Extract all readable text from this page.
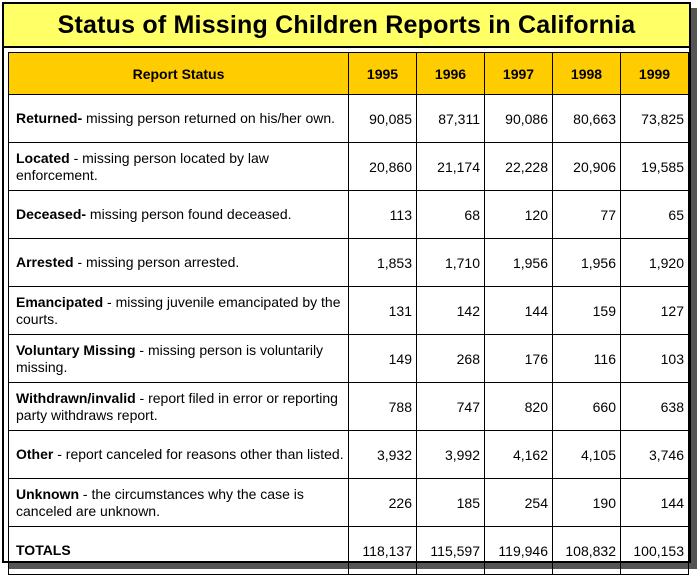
Status of Missing Children Reports in California
Report Status	1995	1996	1997	1998	1999
Returned- missing person returned on his/her own.	90,085	87,311	90,086	80,663	73,825
Located - missing person located by law enforcement.	20,860	21,174	22,228	20,906	19,585
Deceased- missing person found deceased.	113	68	120	77	65
Arrested - missing person arrested.	1,853	1,710	1,956	1,956	1,920
Emancipated - missing juvenile emancipated by the courts.	131	142	144	159	127
Voluntary Missing - missing person is voluntarily missing.	149	268	176	116	103
Withdrawn/invalid - report filed in error or reporting party withdraws report.	788	747	820	660	638
Other - report canceled for reasons other than listed.	3,932	3,992	4,162	4,105	3,746
Unknown - the circumstances why the case is canceled are unknown.	226	185	254	190	144
TOTALS	118,137	115,597	119,946	108,832	100,153
